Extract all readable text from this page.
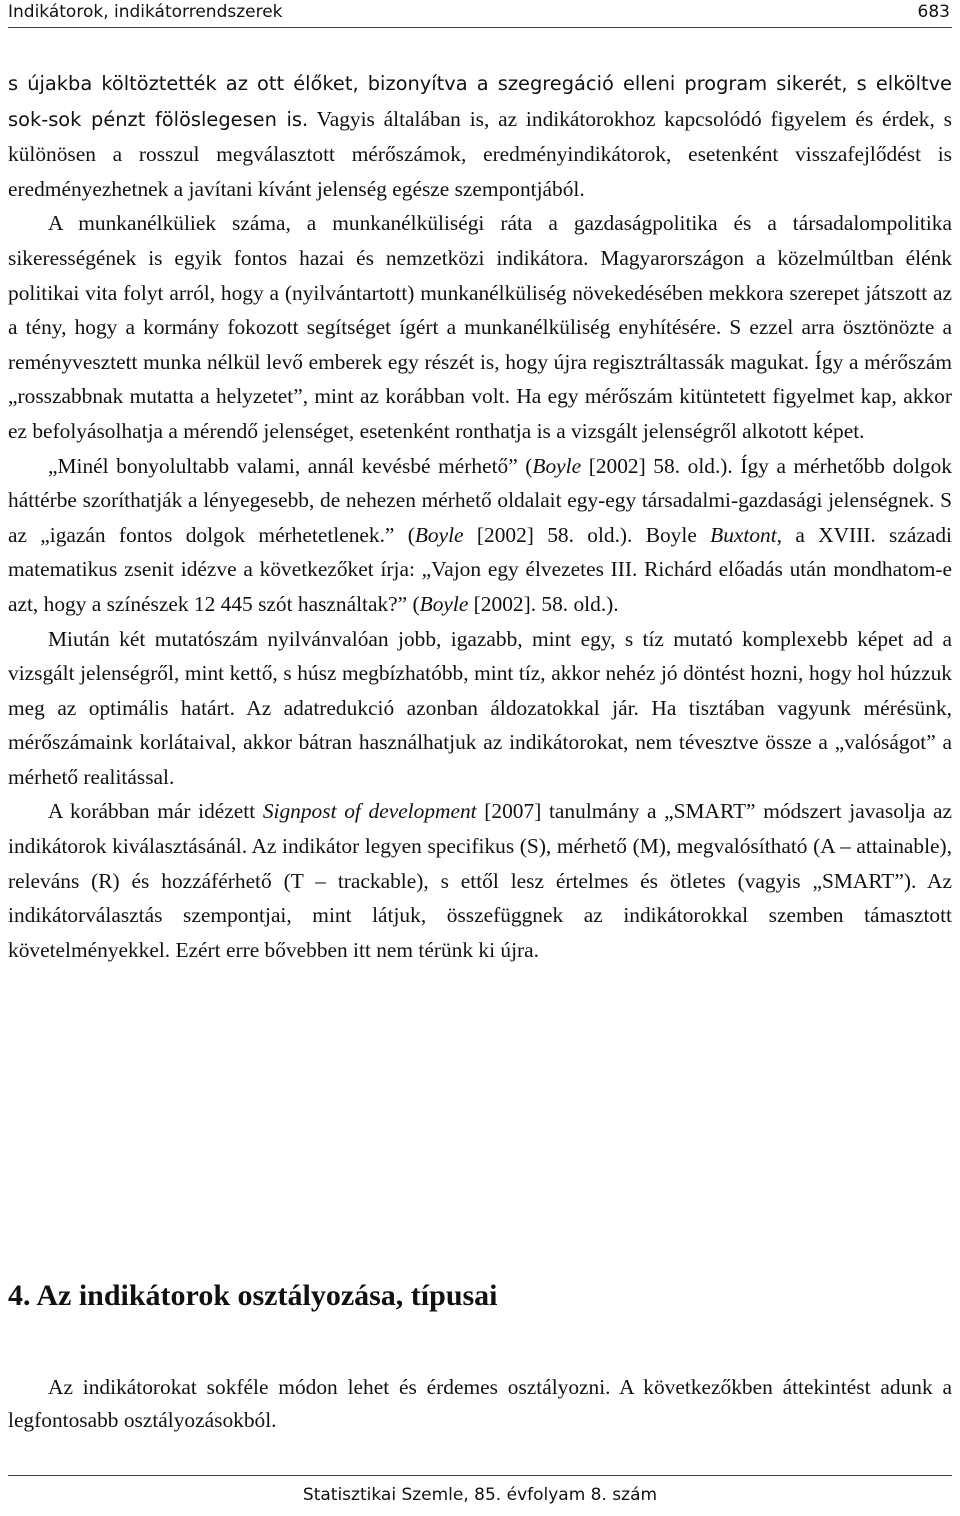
Indikátorok, indikátorrendszerek	683

s újakba költöztették az ott élőket, bizonyítva a szegregáció elleni program sikerét, s elköltve sok-sok pénzt fölöslegesen is. Vagyis általában is, az indikátorokhoz kapcsolódó figyelem és érdek, s különösen a rosszul megválasztott mérőszámok, eredményindikátorok, esetenként visszafejlődést is eredményezhetnek a javítani kívánt jelenség egésze szempontjából.

A munkanélküliek száma, a munkanélküliségi ráta a gazdaságpolitika és a társadalompolitika sikerességének is egyik fontos hazai és nemzetközi indikátora. Magyarországon a közelmúltban élénk politikai vita folyt arról, hogy a (nyilvántartott) munkanélküliség növekedésében mekkora szerepet játszott az a tény, hogy a kormány fokozott segítséget ígért a munkanélküliség enyhítésére. S ezzel arra ösztönözte a reményvesztett munka nélkül levő emberek egy részét is, hogy újra regisztráltassák magukat. Így a mérőszám „rosszabbnak mutatta a helyzetet”, mint az korábban volt. Ha egy mérőszám kitüntetett figyelmet kap, akkor ez befolyásolhatja a mérendő jelenséget, esetenként ronthatja is a vizsgált jelenségről alkotott képet.

„Minél bonyolultabb valami, annál kevésbé mérhető” (Boyle [2002] 58. old.). Így a mérhetőbb dolgok háttérbe szoríthatják a lényegesebb, de nehezen mérhető oldalait egy-egy társadalmi-gazdasági jelenségnek. S az „igazán fontos dolgok mérhetetlenek.” (Boyle [2002] 58. old.). Boyle Buxtont, a XVIII. századi matematikus zsenit idézve a következőket írja: „Vajon egy élvezetes III. Richárd előadás után mondhatom-e azt, hogy a színészek 12 445 szót használtak?” (Boyle [2002]. 58. old.).

Miután két mutatószám nyilvánvalóan jobb, igazabb, mint egy, s tíz mutató komplexebb képet ad a vizsgált jelenségről, mint kettő, s húsz megbízhatóbb, mint tíz, akkor nehéz jó döntést hozni, hogy hol húzzuk meg az optimális határt. Az adatredukció azonban áldozatokkal jár. Ha tisztában vagyunk mérésünk, mérőszámaink korlátaival, akkor bátran használhatjuk az indikátorokat, nem tévesztve össze a „valóságot” a mérhető realitással.

A korábban már idézett Signpost of development [2007] tanulmány a „SMART” módszert javasolja az indikátorok kiválasztásánál. Az indikátor legyen specifikus (S), mérhető (M), megvalósítható (A – attainable), releváns (R) és hozzáférhető (T – trackable), s ettől lesz értelmes és ötletes (vagyis „SMART”). Az indikátorválasztás szempontjai, mint látjuk, összefüggnek az indikátorokkal szemben támasztott követelményekkel. Ezért erre bővebben itt nem térünk ki újra.

4. Az indikátorok osztályozása, típusai

Az indikátorokat sokféle módon lehet és érdemes osztályozni. A következőkben áttekintést adunk a legfontosabb osztályozásokból.

Statisztikai Szemle, 85. évfolyam 8. szám
